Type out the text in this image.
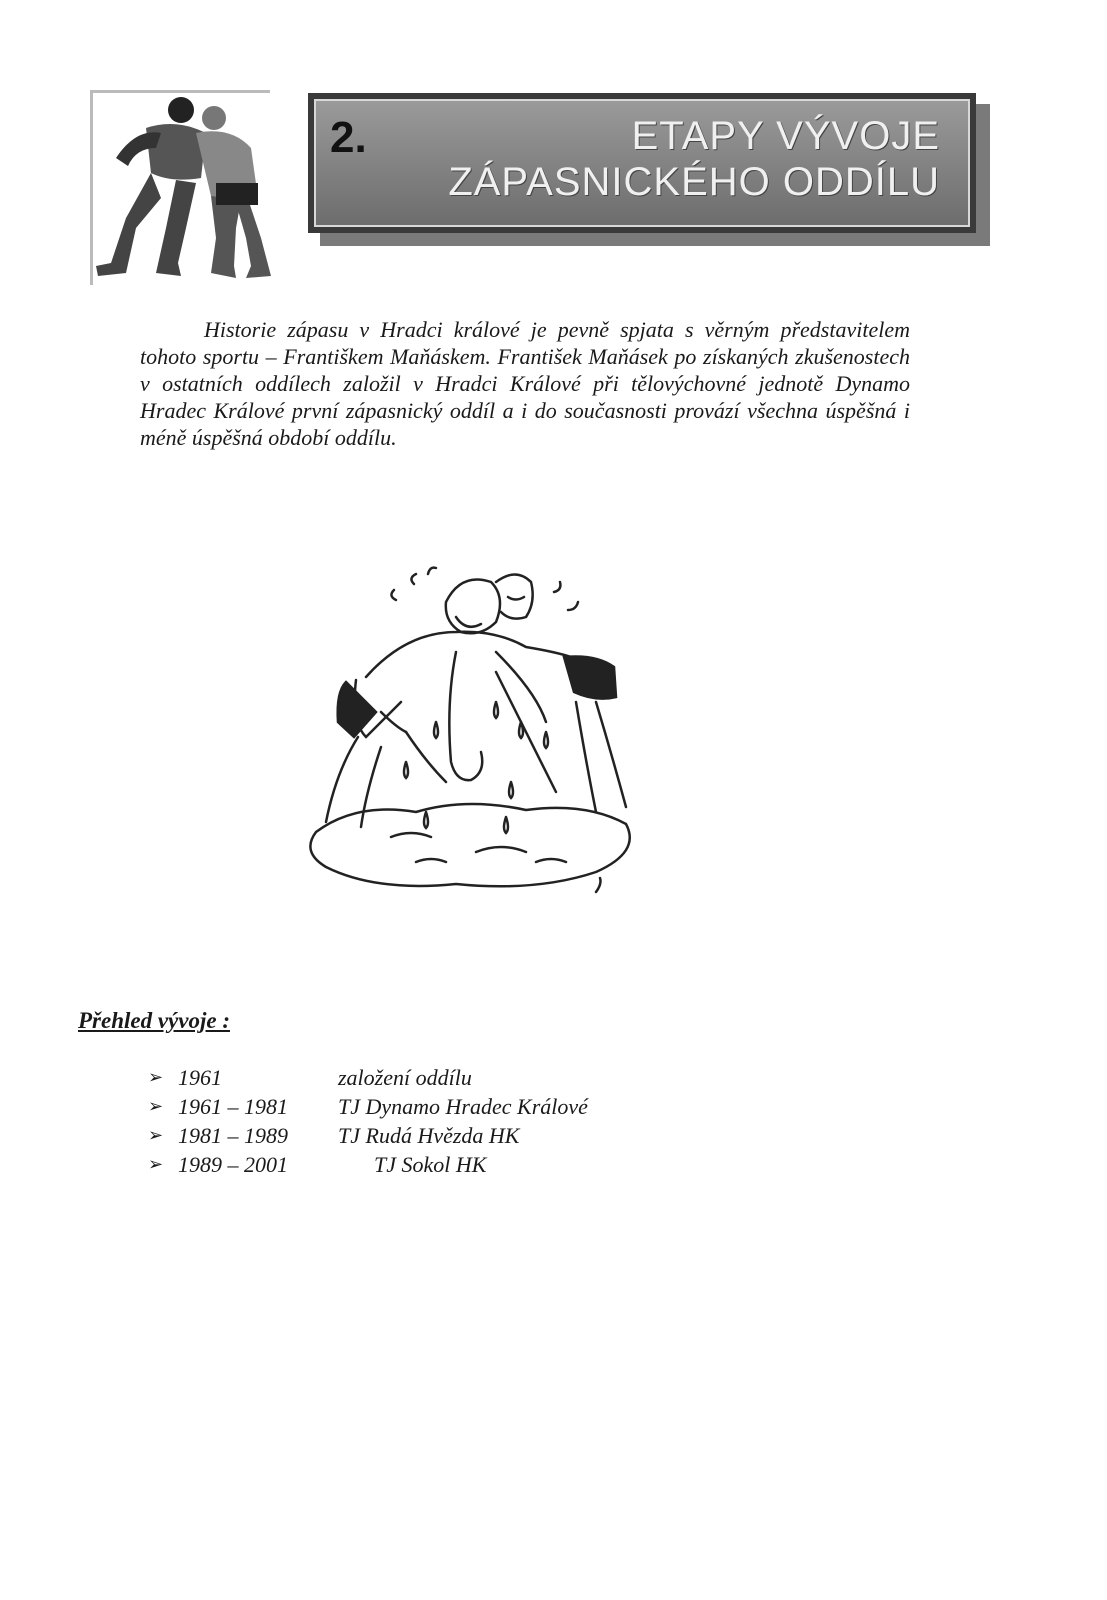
2.	ETAPY VÝVOJE
ZÁPASNICKÉHO ODDÍLU

Historie zápasu v Hradci králové je pevně spjata s věrným představitelem tohoto sportu – Františkem Maňáskem. František Maňásek po získaných zkušenostech v ostatních oddílech založil v Hradci Králové při tělovýchovné jednotě Dynamo Hradec Králové první zápasnický oddíl a i do současnosti provází všechna úspěšná i méně úspěšná období oddílu.

Přehled vývoje :

➢ 1961	založení oddílu
➢ 1961 – 1981 TJ Dynamo Hradec Králové
➢ 1981 – 1989 TJ Rudá Hvězda HK
➢ 1989 – 2001	TJ Sokol HK
